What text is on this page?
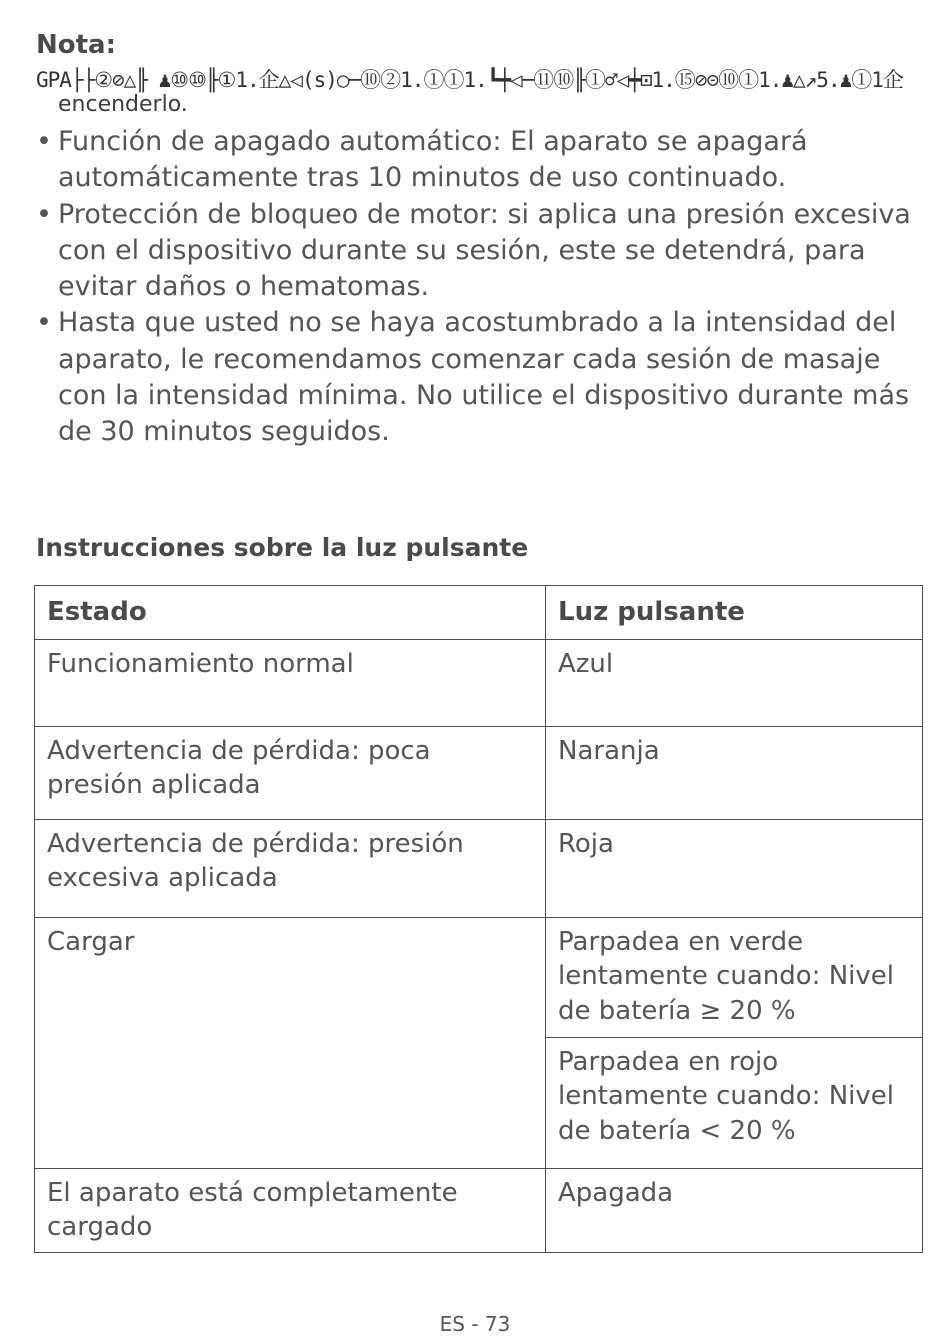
Nota:
GPA├├②⊘△╟ ♟⑩⑩╟①1.企△◁(s)○─⑩②1.①①1.┗┿◁─⑪⑩╟①♂◁┿⊡1.⑮⊘⊝⑩①1.♟△↗5.♟①1企
encenderlo.
• Función de apagado automático: El aparato se apagará automáticamente tras 10 minutos de uso continuado.
• Protección de bloqueo de motor: si aplica una presión excesiva con el dispositivo durante su sesión, este se detendrá, para evitar daños o hematomas.
• Hasta que usted no se haya acostumbrado a la intensidad del aparato, le recomendamos comenzar cada sesión de masaje con la intensidad mínima. No utilice el dispositivo durante más de 30 minutos seguidos.
Instrucciones sobre la luz pulsante
Estado	Luz pulsante
Funcionamiento normal	Azul
Advertencia de pérdida: poca presión aplicada	Naranja
Advertencia de pérdida: presión excesiva aplicada	Roja
Cargar	Parpadea en verde lentamente cuando: Nivel de batería ≥ 20 %
	Parpadea en rojo lentamente cuando: Nivel de batería < 20 %
El aparato está completamente cargado	Apagada
ES - 73
